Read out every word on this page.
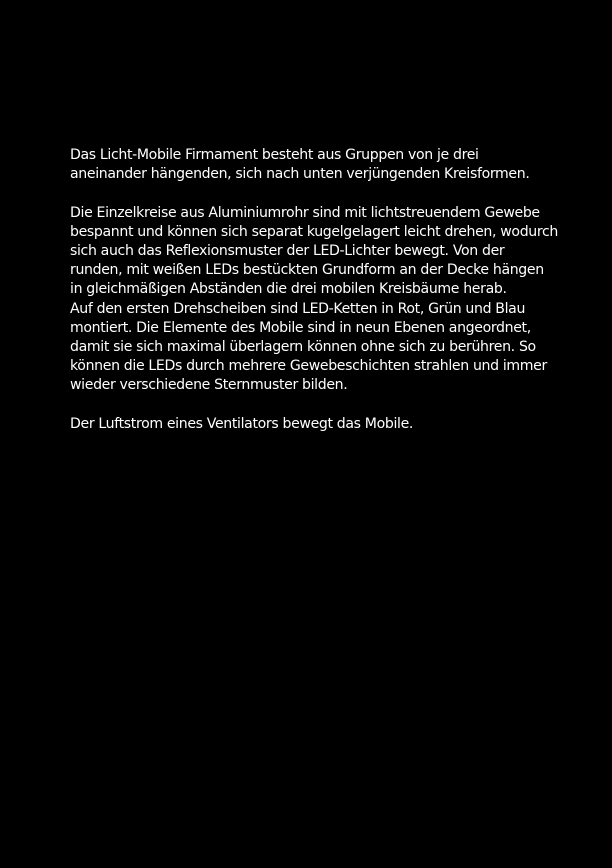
Das Licht-Mobile Firmament besteht aus Gruppen von je drei
aneinander hängenden, sich nach unten verjüngenden Kreisformen.

Die Einzelkreise aus Aluminiumrohr sind mit lichtstreuendem Gewebe
bespannt und können sich separat kugelgelagert leicht drehen, wodurch
sich auch das Reflexionsmuster der LED-Lichter bewegt. Von der
runden, mit weißen LEDs bestückten Grundform an der Decke hängen
in gleichmäßigen Abständen die drei mobilen Kreisbäume herab.
Auf den ersten Drehscheiben sind LED-Ketten in Rot, Grün und Blau
montiert. Die Elemente des Mobile sind in neun Ebenen angeordnet,
damit sie sich maximal überlagern können ohne sich zu berühren. So
können die LEDs durch mehrere Gewebeschichten strahlen und immer
wieder verschiedene Sternmuster bilden.

Der Luftstrom eines Ventilators bewegt das Mobile.
